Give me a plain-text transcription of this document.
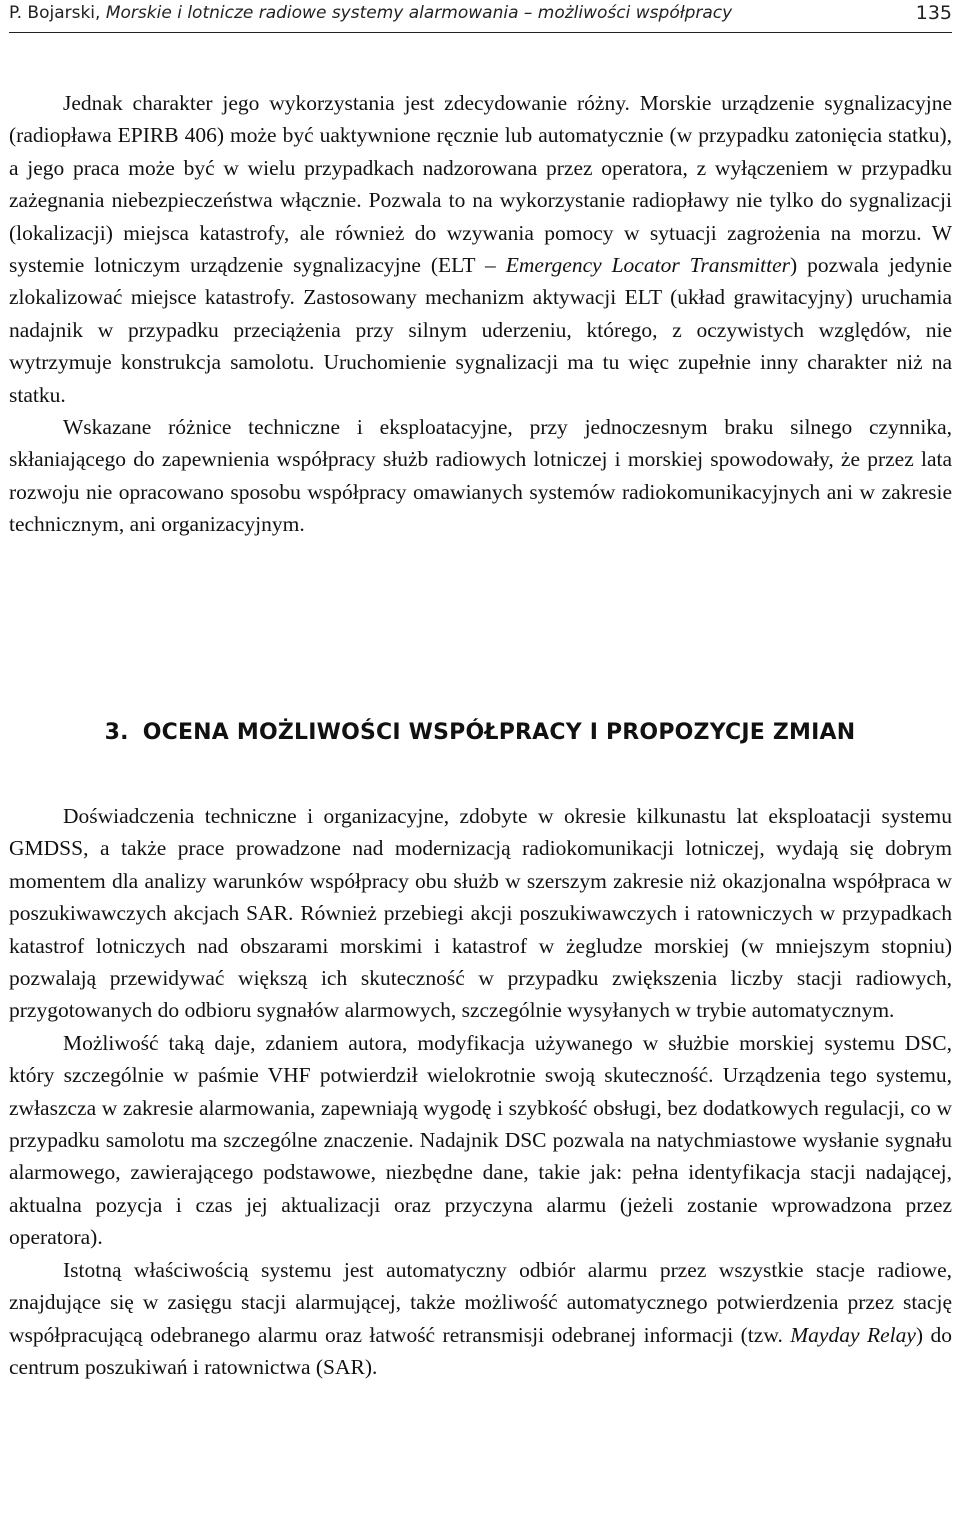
P. Bojarski, Morskie i lotnicze radiowe systemy alarmowania – możliwości współpracy	135

Jednak charakter jego wykorzystania jest zdecydowanie różny. Morskie urządzenie sygnalizacyjne (radiopława EPIRB 406) może być uaktywnione ręcznie lub automatycznie (w przypadku zatonięcia statku), a jego praca może być w wielu przypadkach nadzorowana przez operatora, z wyłączeniem w przypadku zażegnania niebezpieczeństwa włącznie. Pozwala to na wykorzystanie radiopławy nie tylko do sygnalizacji (lokalizacji) miejsca katastrofy, ale również do wzywania pomocy w sytuacji zagrożenia na morzu. W systemie lotniczym urządzenie sygnalizacyjne (ELT – Emergency Locator Transmitter) pozwala jedynie zlokalizować miejsce katastrofy. Zastosowany mechanizm aktywacji ELT (układ grawitacyjny) uruchamia nadajnik w przypadku przeciążenia przy silnym uderzeniu, którego, z oczywistych względów, nie wytrzymuje konstrukcja samolotu. Uruchomienie sygnalizacji ma tu więc zupełnie inny charakter niż na statku.

Wskazane różnice techniczne i eksploatacyjne, przy jednoczesnym braku silnego czynnika, skłaniającego do zapewnienia współpracy służb radiowych lotniczej i morskiej spowodowały, że przez lata rozwoju nie opracowano sposobu współpracy omawianych systemów radiokomunikacyjnych ani w zakresie technicznym, ani organizacyjnym.

3. OCENA MOŻLIWOŚCI WSPÓŁPRACY I PROPOZYCJE ZMIAN

Doświadczenia techniczne i organizacyjne, zdobyte w okresie kilkunastu lat eksploatacji systemu GMDSS, a także prace prowadzone nad modernizacją radiokomunikacji lotniczej, wydają się dobrym momentem dla analizy warunków współpracy obu służb w szerszym zakresie niż okazjonalna współpraca w poszukiwawczych akcjach SAR. Również przebiegi akcji poszukiwawczych i ratowniczych w przypadkach katastrof lotniczych nad obszarami morskimi i katastrof w żegludze morskiej (w mniejszym stopniu) pozwalają przewidywać większą ich skuteczność w przypadku zwiększenia liczby stacji radiowych, przygotowanych do odbioru sygnałów alarmowych, szczególnie wysyłanych w trybie automatycznym.

Możliwość taką daje, zdaniem autora, modyfikacja używanego w służbie morskiej systemu DSC, który szczególnie w paśmie VHF potwierdził wielokrotnie swoją skuteczność. Urządzenia tego systemu, zwłaszcza w zakresie alarmowania, zapewniają wygodę i szybkość obsługi, bez dodatkowych regulacji, co w przypadku samolotu ma szczególne znaczenie. Nadajnik DSC pozwala na natychmiastowe wysłanie sygnału alarmowego, zawierającego podstawowe, niezbędne dane, takie jak: pełna identyfikacja stacji nadającej, aktualna pozycja i czas jej aktualizacji oraz przyczyna alarmu (jeżeli zostanie wprowadzona przez operatora).

Istotną właściwością systemu jest automatyczny odbiór alarmu przez wszystkie stacje radiowe, znajdujące się w zasięgu stacji alarmującej, także możliwość automatycznego potwierdzenia przez stację współpracującą odebranego alarmu oraz łatwość retransmisji odebranej informacji (tzw. Mayday Relay) do centrum poszukiwań i ratownictwa (SAR).
